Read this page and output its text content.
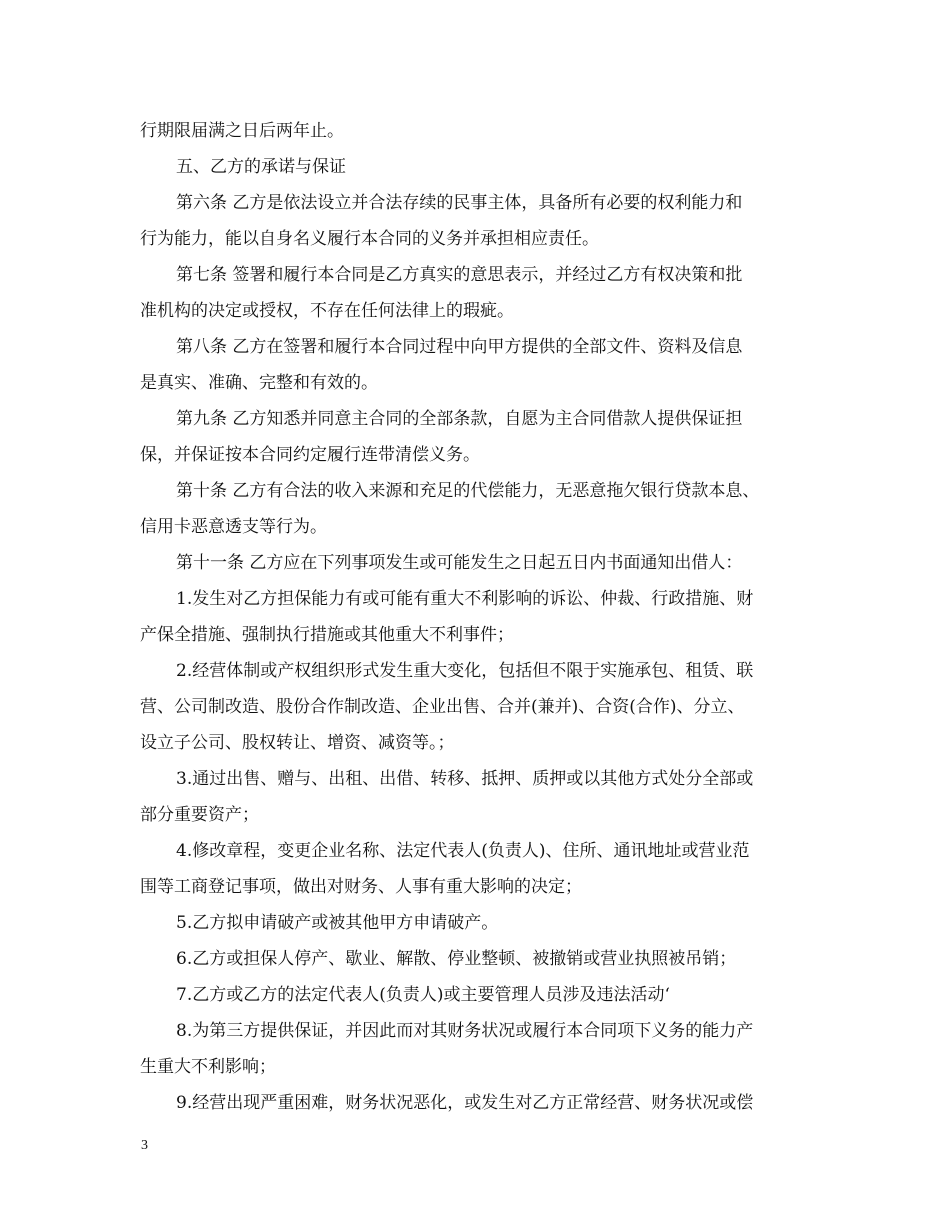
行期限届满之日后两年止。
五、乙方的承诺与保证
第六条 乙方是依法设立并合法存续的民事主体，具备所有必要的权利能力和
行为能力，能以自身名义履行本合同的义务并承担相应责任。
第七条 签署和履行本合同是乙方真实的意思表示，并经过乙方有权决策和批
准机构的决定或授权，不存在任何法律上的瑕疵。
第八条 乙方在签署和履行本合同过程中向甲方提供的全部文件、资料及信息
是真实、准确、完整和有效的。
第九条 乙方知悉并同意主合同的全部条款，自愿为主合同借款人提供保证担
保，并保证按本合同约定履行连带清偿义务。
第十条 乙方有合法的收入来源和充足的代偿能力，无恶意拖欠银行贷款本息、
信用卡恶意透支等行为。
第十一条 乙方应在下列事项发生或可能发生之日起五日内书面通知出借人：
1.发生对乙方担保能力有或可能有重大不利影响的诉讼、仲裁、行政措施、财
产保全措施、强制执行措施或其他重大不利事件；
2.经营体制或产权组织形式发生重大变化，包括但不限于实施承包、租赁、联
营、公司制改造、股份合作制改造、企业出售、合并(兼并)、合资(合作)、分立、
设立子公司、股权转让、增资、减资等。；
3.通过出售、赠与、出租、出借、转移、抵押、质押或以其他方式处分全部或
部分重要资产；
4.修改章程，变更企业名称、法定代表人(负责人)、住所、通讯地址或营业范
围等工商登记事项，做出对财务、人事有重大影响的决定；
5.乙方拟申请破产或被其他甲方申请破产。
6.乙方或担保人停产、歇业、解散、停业整顿、被撤销或营业执照被吊销；
7.乙方或乙方的法定代表人(负责人)或主要管理人员涉及违法活动‘
8.为第三方提供保证，并因此而对其财务状况或履行本合同项下义务的能力产
生重大不利影响；
9.经营出现严重困难，财务状况恶化，或发生对乙方正常经营、财务状况或偿
3
